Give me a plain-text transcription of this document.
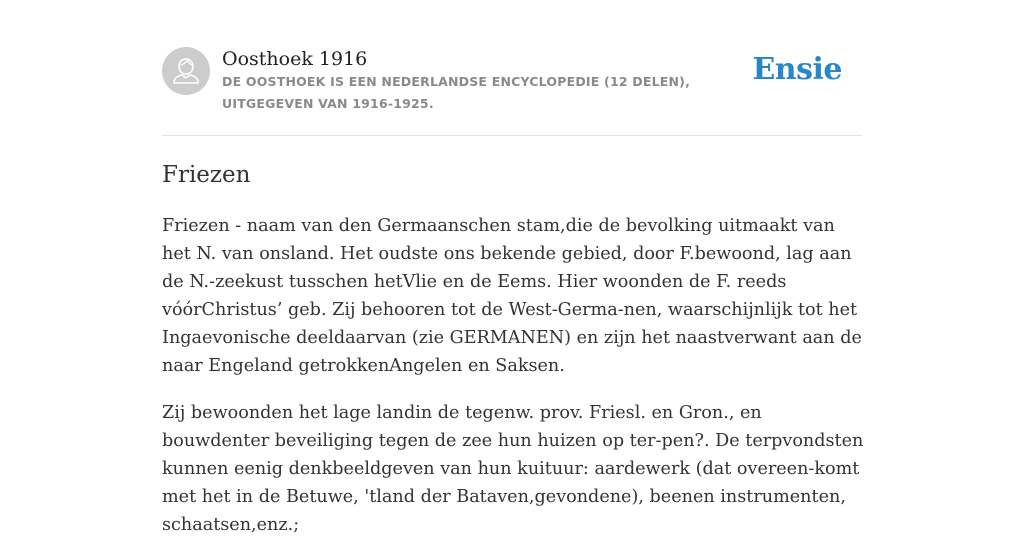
Oosthoek 1916

DE OOSTHOEK IS EEN NEDERLANDSE ENCYCLOPEDIE (12 DELEN), UITGEGEVEN VAN 1916-1925.

Ensie
Friezen

Friezen - naam van den Germaanschen stam,die de bevolking uitmaakt van het N. van onsland. Het oudste ons bekende gebied, door F.bewoond, lag aan de N.-zeekust tusschen hetVlie en de Eems. Hier woonden de F. reeds vóórChristus’ geb. Zij behooren tot de West-Germa-nen, waarschijnlijk tot het Ingaevonische deeldaarvan (zie GERMANEN) en zijn het naastverwant aan de naar Engeland getrokkenAngelen en Saksen.

Zij bewoonden het lage landin de tegenw. prov. Friesl. en Gron., en bouwdenter beveiliging tegen de zee hun huizen op ter-pen?. De terpvondsten kunnen eenig denkbeeldgeven van hun kuituur: aardewerk (dat overeen-komt met het in de Betuwe, 'tland der Bataven,gevondene), beenen instrumenten, schaatsen,enz.;
